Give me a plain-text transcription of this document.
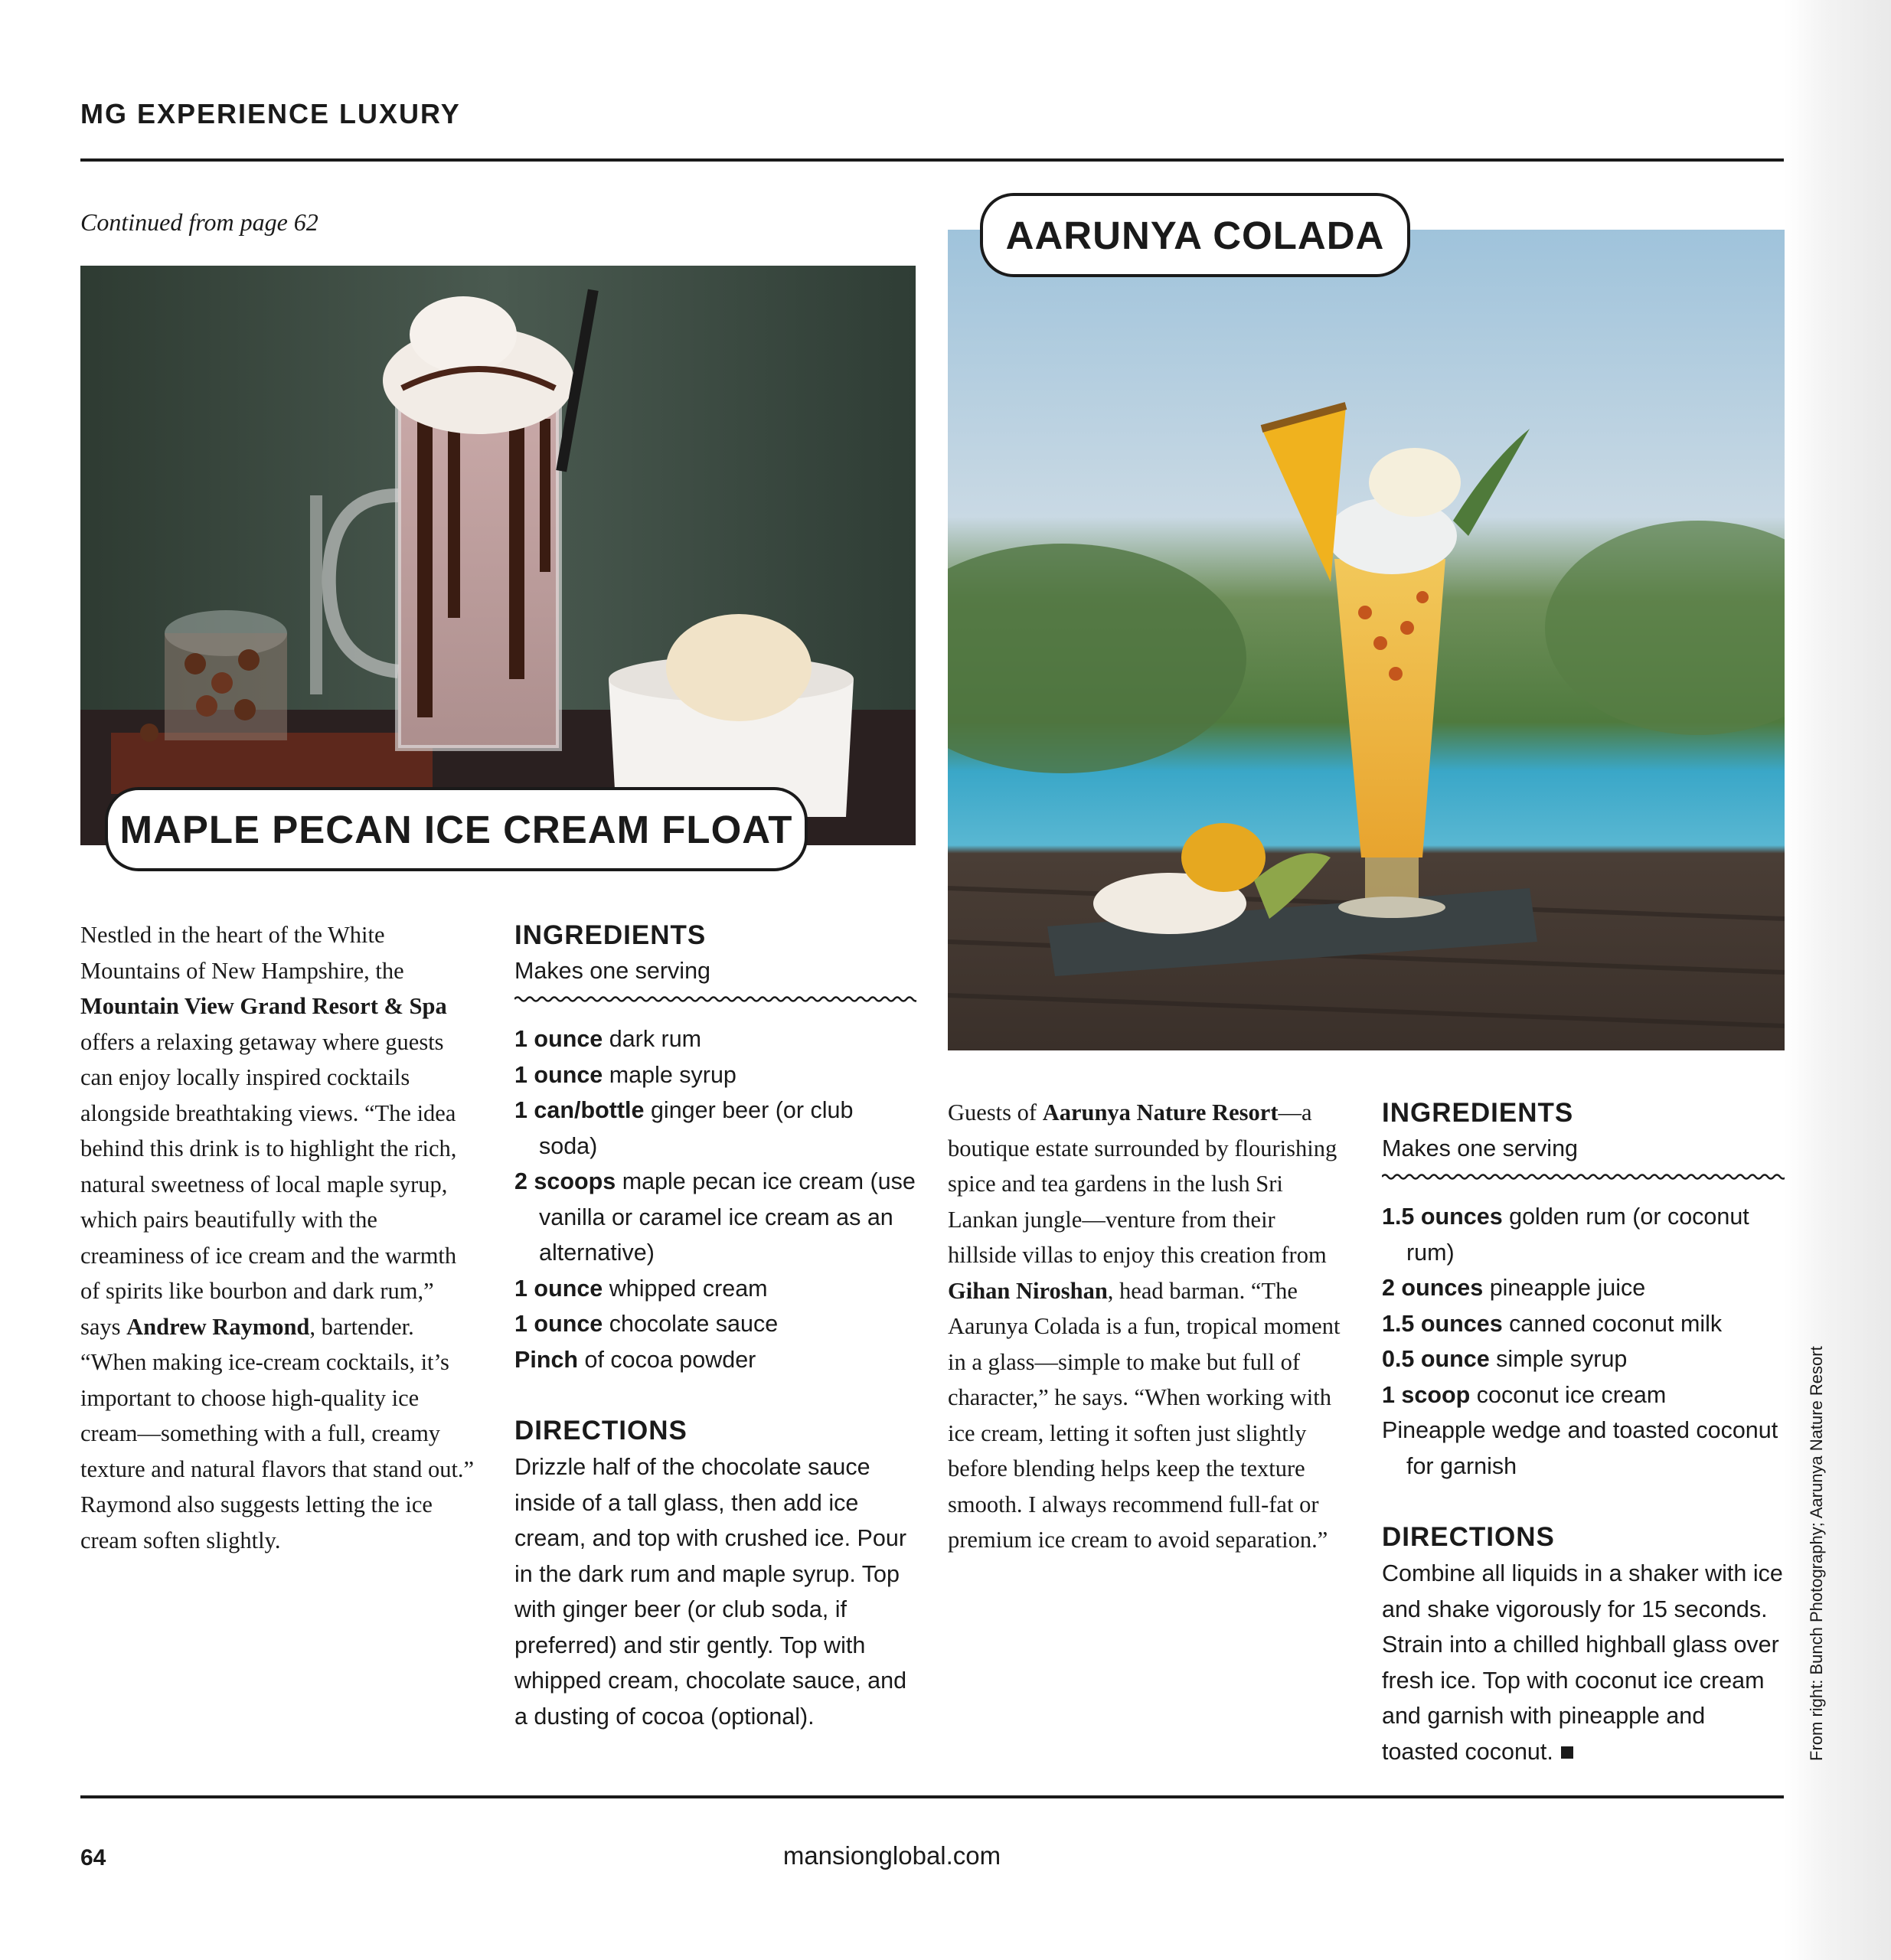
MG EXPERIENCE LUXURY
Continued from page 62
MAPLE PECAN ICE CREAM FLOAT
AARUNYA COLADA

Nestled in the heart of the White Mountains of New Hampshire, the Mountain View Grand Resort & Spa offers a relaxing getaway where guests can enjoy locally inspired cocktails alongside breathtaking views. “The idea behind this drink is to highlight the rich, natural sweetness of local maple syrup, which pairs beautifully with the creaminess of ice cream and the warmth of spirits like bourbon and dark rum,” says Andrew Raymond, bartender. “When making ice-cream cocktails, it’s important to choose high-quality ice cream—something with a full, creamy texture and natural flavors that stand out.” Raymond also suggests letting the ice cream soften slightly.

INGREDIENTS
Makes one serving

1 ounce dark rum

1 ounce maple syrup

1 can/bottle ginger beer (or club soda)

2 scoops maple pecan ice cream (use vanilla or caramel ice cream as an alternative)

1 ounce whipped cream

1 ounce chocolate sauce

Pinch of cocoa powder

DIRECTIONS

Drizzle half of the chocolate sauce inside of a tall glass, then add ice cream, and top with crushed ice. Pour in the dark rum and maple syrup. Top with ginger beer (or club soda, if preferred) and stir gently. Top with whipped cream, chocolate sauce, and a dusting of cocoa (optional).

Guests of Aarunya Nature Resort—a boutique estate surrounded by flourishing spice and tea gardens in the lush Sri Lankan jungle—venture from their hillside villas to enjoy this creation from Gihan Niroshan, head barman. “The Aarunya Colada is a fun, tropical moment in a glass—simple to make but full of character,” he says. “When working with ice cream, letting it soften just slightly before blending helps keep the texture smooth. I always recommend full-fat or premium ice cream to avoid separation.”

INGREDIENTS
Makes one serving

1.5 ounces golden rum (or coconut rum)

2 ounces pineapple juice

1.5 ounces canned coconut milk

0.5 ounce simple syrup

1 scoop coconut ice cream

Pineapple wedge and toasted coconut for garnish

DIRECTIONS

Combine all liquids in a shaker with ice and shake vigorously for 15 seconds. Strain into a chilled highball glass over fresh ice. Top with coconut ice cream and garnish with pineapple and toasted coconut.	From right: Bunch Photography; Aarunya Nature Resort
64	mansionglobal.com
